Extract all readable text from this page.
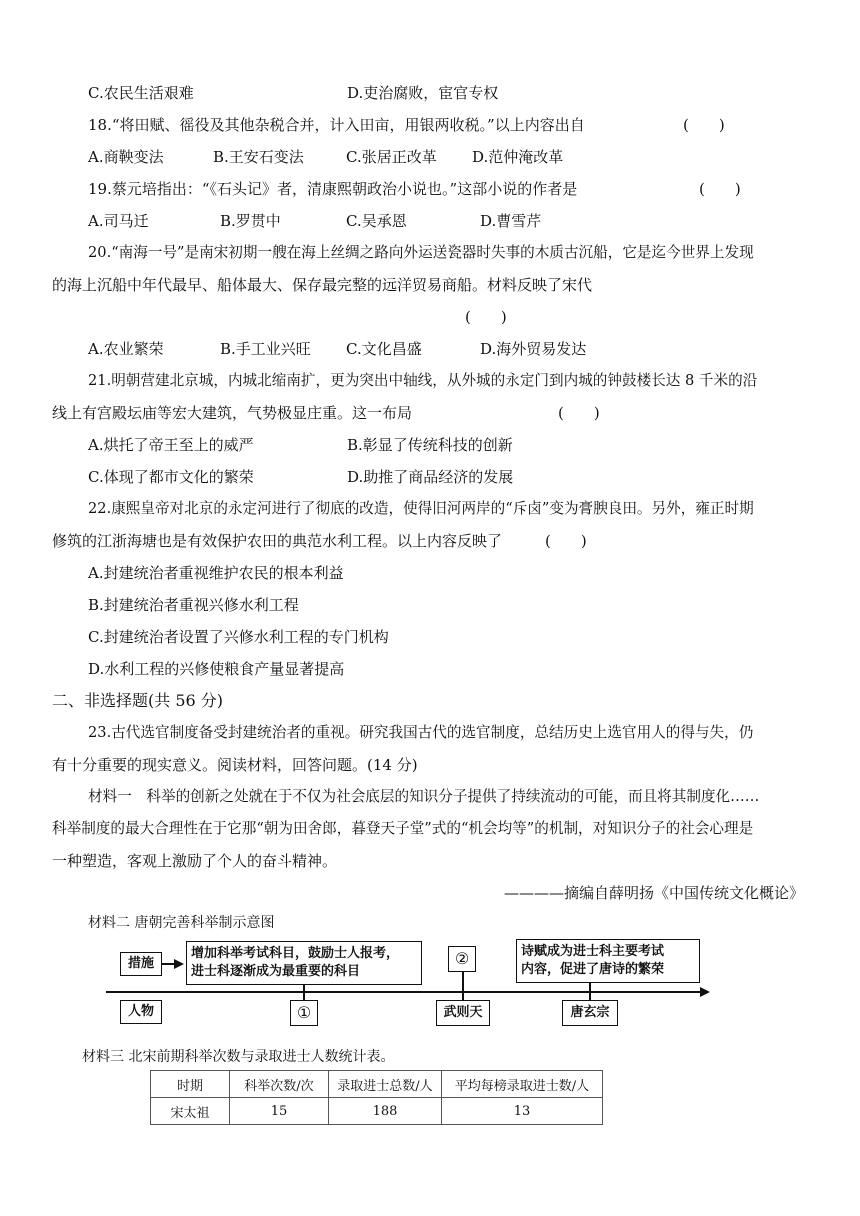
C.农民生活艰难	D.吏治腐败，宦官专权
18.“将田赋、徭役及其他杂税合并，计入田亩，用银两收税。”以上内容出自	(　　)
A.商鞅变法	B.王安石变法	C.张居正改革 D.范仲淹改革
19.蔡元培指出：“《石头记》者，清康熙朝政治小说也。”这部小说的作者是	(　　)
A.司马迁	B.罗贯中	C.吴承恩	D.曹雪芹
20.“南海一号”是南宋初期一艘在海上丝绸之路向外运送瓷器时失事的木质古沉船，它是迄今世界上发现
的海上沉船中年代最早、船体最大、保存最完整的远洋贸易商船。材料反映了宋代
(　　)
A.农业繁荣	B.手工业兴旺 C.文化昌盛	D.海外贸易发达
21.明朝营建北京城，内城北缩南扩，更为突出中轴线，从外城的永定门到内城的钟鼓楼长达 8 千米的沿
线上有宫殿坛庙等宏大建筑，气势极显庄重。这一布局	(　　)
A.烘托了帝王至上的威严	B.彰显了传统科技的创新
C.体现了都市文化的繁荣	D.助推了商品经济的发展
22.康熙皇帝对北京的永定河进行了彻底的改造，使得旧河两岸的“斥卤”变为膏腴良田。另外，雍正时期
修筑的江浙海塘也是有效保护农田的典范水利工程。以上内容反映了	(　　)
A.封建统治者重视维护农民的根本利益
B.封建统治者重视兴修水利工程
C.封建统治者设置了兴修水利工程的专门机构
D.水利工程的兴修使粮食产量显著提高
二、非选择题(共 56 分)
23.古代选官制度备受封建统治者的重视。研究我国古代的选官制度，总结历史上选官用人的得与失，仍
有十分重要的现实意义。阅读材料，回答问题。(14 分)
材料一　科举的创新之处就在于不仅为社会底层的知识分子提供了持续流动的可能，而且将其制度化……
科举制度的最大合理性在于它那“朝为田舍郎，暮登天子堂”式的“机会均等”的机制，对知识分子的社会心理是
一种塑造，客观上激励了个人的奋斗精神。
————摘编自薛明扬《中国传统文化概论》
材料二 唐朝完善科举制示意图
措施
增加科举考试科目，鼓励士人报考，
进士科逐渐成为最重要的科目
②	诗赋成为进士科主要考试
内容，促进了唐诗的繁荣
人物	①	武则天	唐玄宗
材料三 北宋前期科举次数与录取进士人数统计表。
时期	科举次数/次	录取进士总数/人	平均每榜录取进士数/人
宋太祖	15	188	13
